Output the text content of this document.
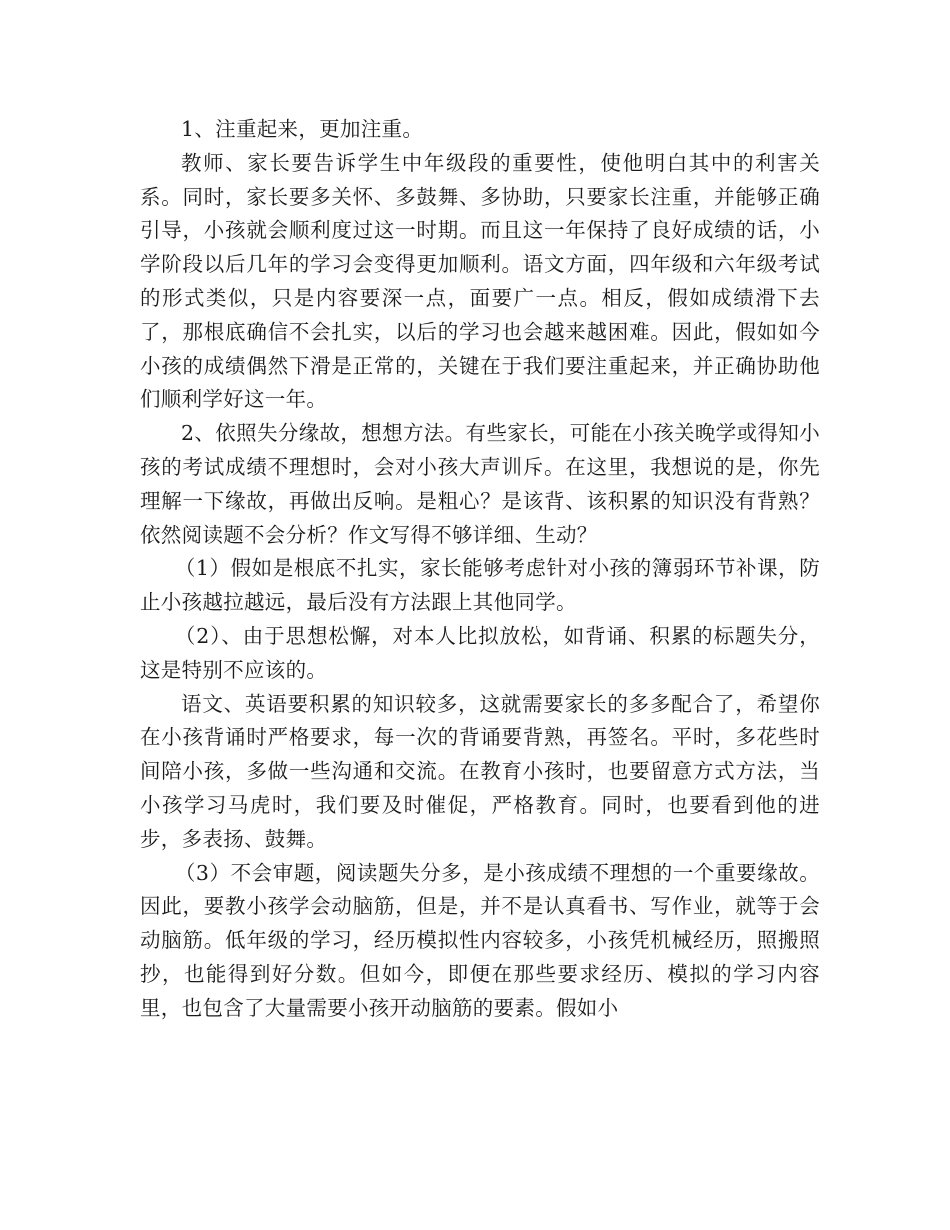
1、注重起来，更加注重。

教师、家长要告诉学生中年级段的重要性，使他明白其中的利害关系。同时，家长要多关怀、多鼓舞、多协助，只要家长注重，并能够正确引导，小孩就会顺利度过这一时期。而且这一年保持了良好成绩的话，小学阶段以后几年的学习会变得更加顺利。语文方面，四年级和六年级考试的形式类似，只是内容要深一点，面要广一点。相反，假如成绩滑下去了，那根底确信不会扎实，以后的学习也会越来越困难。因此，假如如今小孩的成绩偶然下滑是正常的，关键在于我们要注重起来，并正确协助他们顺利学好这一年。

2、依照失分缘故，想想方法。有些家长，可能在小孩关晚学或得知小孩的考试成绩不理想时，会对小孩大声训斥。在这里，我想说的是，你先理解一下缘故，再做出反响。是粗心？是该背、该积累的知识没有背熟？依然阅读题不会分析？作文写得不够详细、生动？

（1）假如是根底不扎实，家长能够考虑针对小孩的簿弱环节补课，防止小孩越拉越远，最后没有方法跟上其他同学。

（2）、由于思想松懈，对本人比拟放松，如背诵、积累的标题失分，这是特别不应该的。

语文、英语要积累的知识较多，这就需要家长的多多配合了，希望你在小孩背诵时严格要求，每一次的背诵要背熟，再签名。平时，多花些时间陪小孩，多做一些沟通和交流。在教育小孩时，也要留意方式方法，当小孩学习马虎时，我们要及时催促，严格教育。同时，也要看到他的进步，多表扬、鼓舞。

（3）不会审题，阅读题失分多，是小孩成绩不理想的一个重要缘故。因此，要教小孩学会动脑筋，但是，并不是认真看书、写作业，就等于会动脑筋。低年级的学习，经历模拟性内容较多，小孩凭机械经历，照搬照抄，也能得到好分数。但如今，即便在那些要求经历、模拟的学习内容里，也包含了大量需要小孩开动脑筋的要素。假如小
